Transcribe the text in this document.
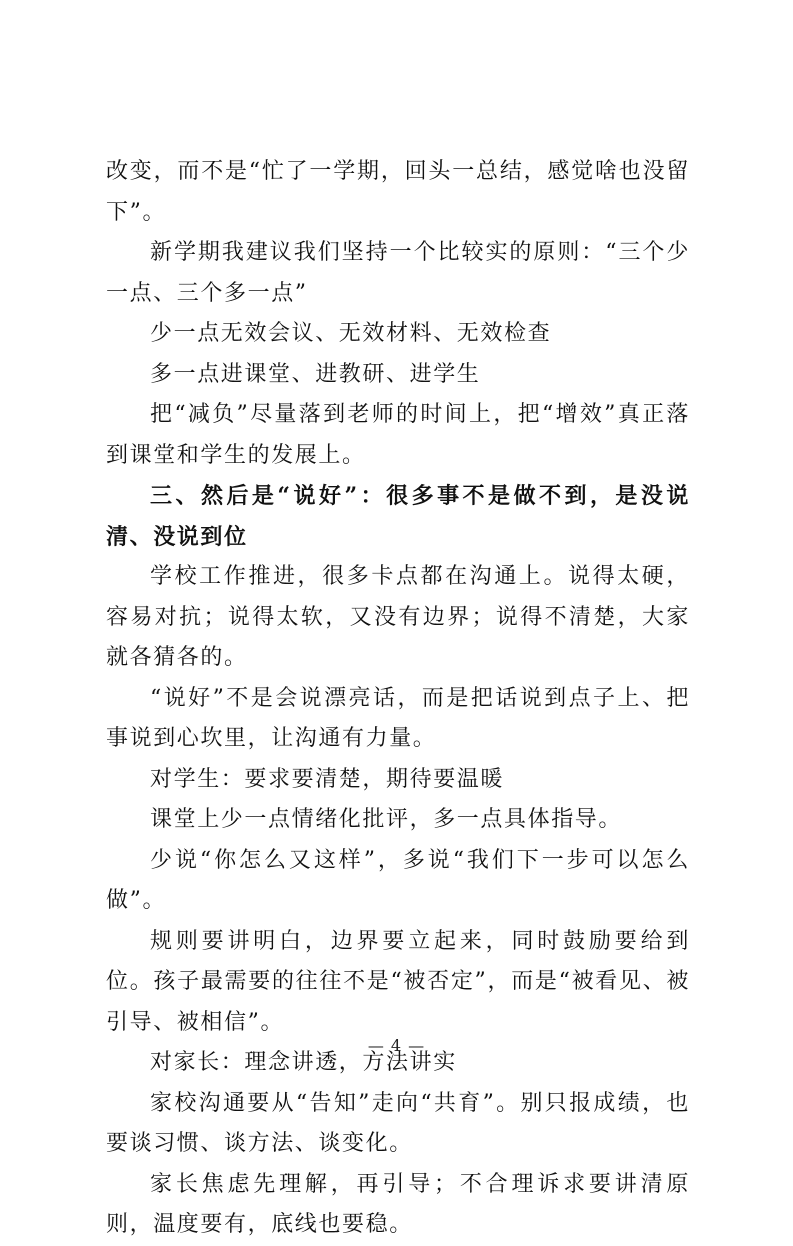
改变，而不是“忙了一学期，回头一总结，感觉啥也没留下”。

新学期我建议我们坚持一个比较实的原则：“三个少一点、三个多一点”

少一点无效会议、无效材料、无效检查

多一点进课堂、进教研、进学生

把“减负”尽量落到老师的时间上，把“增效”真正落到课堂和学生的发展上。

三、然后是“说好”：很多事不是做不到，是没说清、没说到位

学校工作推进，很多卡点都在沟通上。说得太硬，容易对抗；说得太软，又没有边界；说得不清楚，大家就各猜各的。

“说好”不是会说漂亮话，而是把话说到点子上、把事说到心坎里，让沟通有力量。

对学生：要求要清楚，期待要温暖

课堂上少一点情绪化批评，多一点具体指导。

少说“你怎么又这样”，多说“我们下一步可以怎么做”。

规则要讲明白，边界要立起来，同时鼓励要给到位。孩子最需要的往往不是“被否定”，而是“被看见、被引导、被相信”。

对家长：理念讲透，方法讲实

家校沟通要从“告知”走向“共育”。别只报成绩，也要谈习惯、谈方法、谈变化。

家长焦虑先理解，再引导；不合理诉求要讲清原则，温度要有，底线也要稳。

— 4 —
